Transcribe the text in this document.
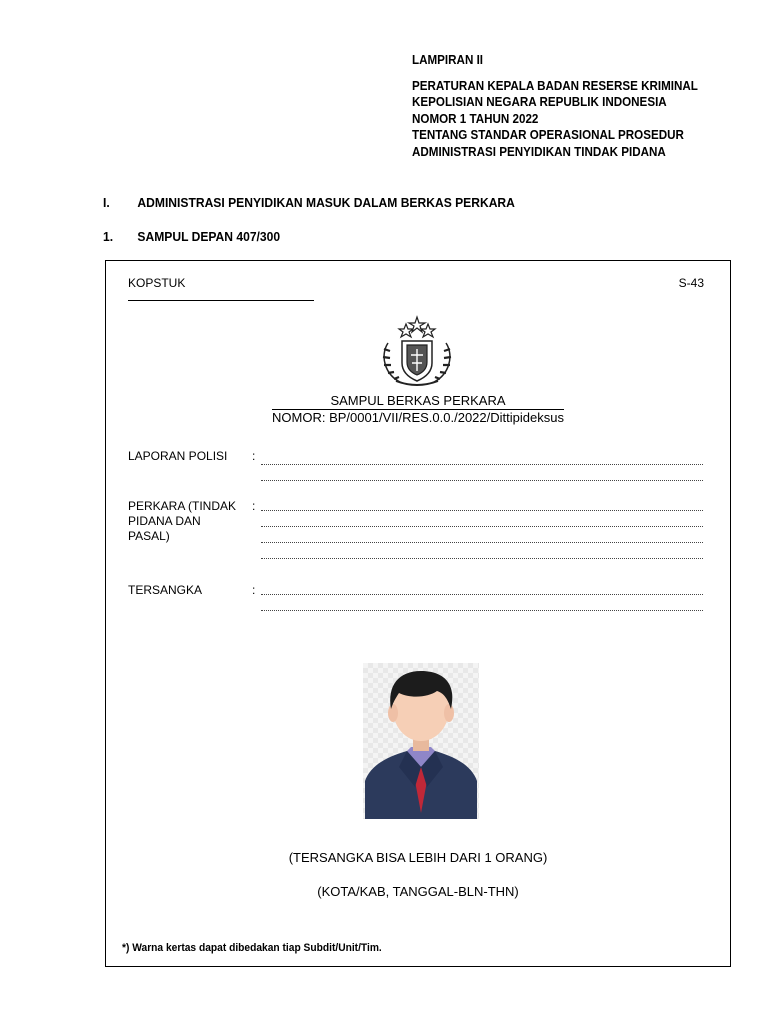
LAMPIRAN II
PERATURAN KEPALA BADAN RESERSE KRIMINAL
KEPOLISIAN NEGARA REPUBLIK INDONESIA
NOMOR 1 TAHUN 2022
TENTANG STANDAR OPERASIONAL PROSEDUR
ADMINISTRASI PENYIDIKAN TINDAK PIDANA
I. ADMINISTRASI PENYIDIKAN MASUK DALAM BERKAS PERKARA
1. SAMPUL DEPAN 407/300
KOPSTUK	S-43
SAMPUL BERKAS PERKARA
NOMOR: BP/0001/VII/RES.0.0./2022/Dittipideksus
LAPORAN POLISI	:
PERKARA (TINDAK PIDANA DAN PASAL)
:
TERSANGKA	:
(TERSANGKA BISA LEBIH DARI 1 ORANG)
(KOTA/KAB, TANGGAL-BLN-THN)
*) Warna kertas dapat dibedakan tiap Subdit/Unit/Tim.
